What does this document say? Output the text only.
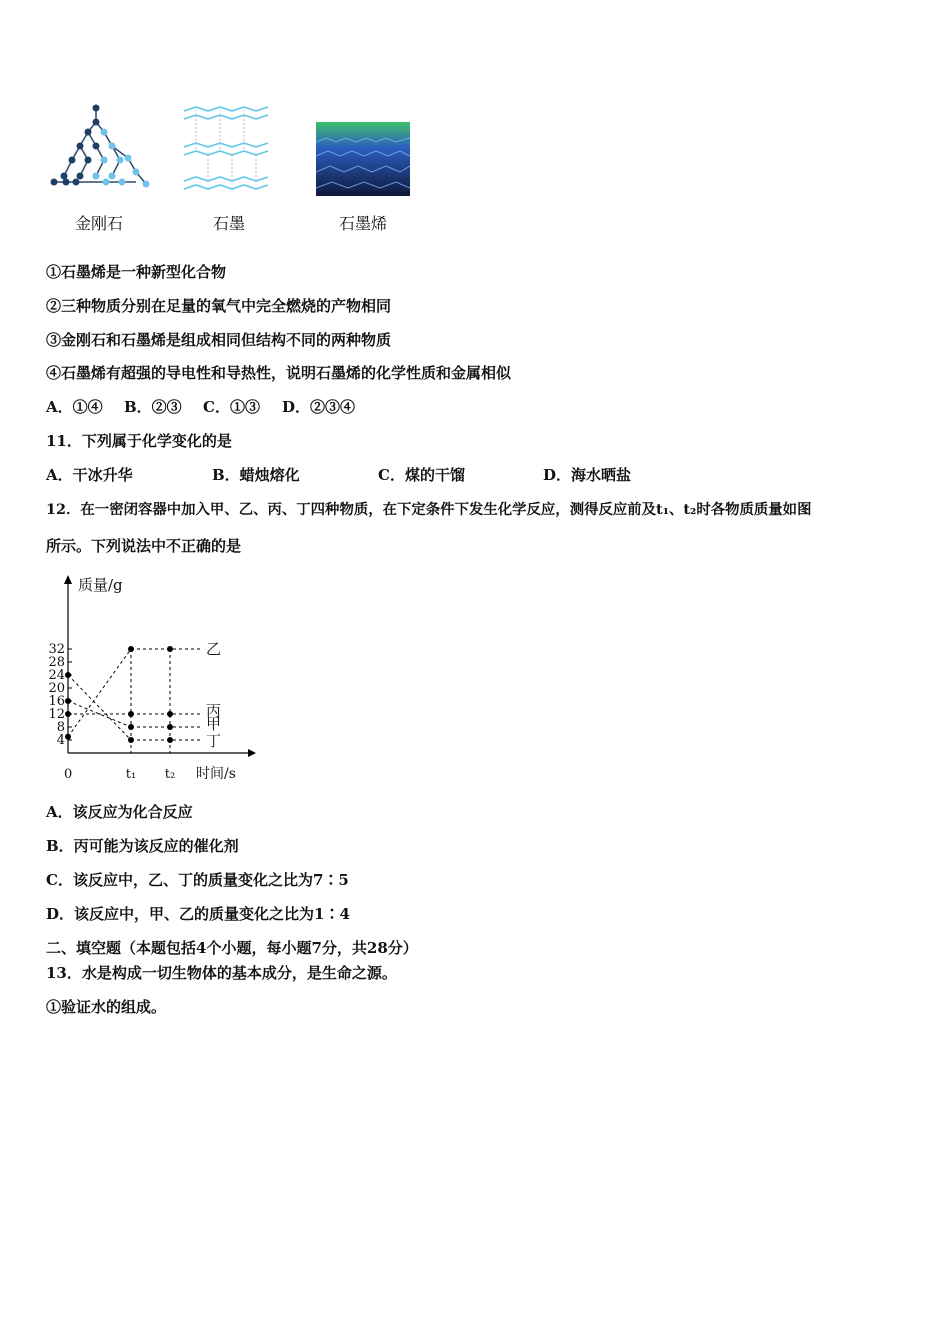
金刚石	石墨	石墨烯
①石墨烯是一种新型化合物
②三种物质分别在足量的氧气中完全燃烧的产物相同
③金刚石和石墨烯是组成相同但结构不同的两种物质
④石墨烯有超强的导电性和导热性，说明石墨烯的化学性质和金属相似
A．①④ B．②③ C．①③ D．②③④
11．下列属于化学变化的是
A．干冰升华	B．蜡烛熔化	C．煤的干馏	D．海水晒盐
12．在一密闭容器中加入甲、乙、丙、丁四种物质，在下定条件下发生化学反应，测得反应前及t₁、t₂时各物质质量如图
所示。下列说法中不正确的是
质量/g
时间/s
0
4
8
12
16
20
24
28
32
t₁ t₂
乙
丙
甲
丁
A．该反应为化合反应
B．丙可能为该反应的催化剂
C．该反应中，乙、丁的质量变化之比为7∶5
D．该反应中，甲、乙的质量变化之比为1∶4
二、填空题（本题包括4个小题，每小题7分，共28分）
13．水是构成一切生物体的基本成分，是生命之源。
①验证水的组成。
